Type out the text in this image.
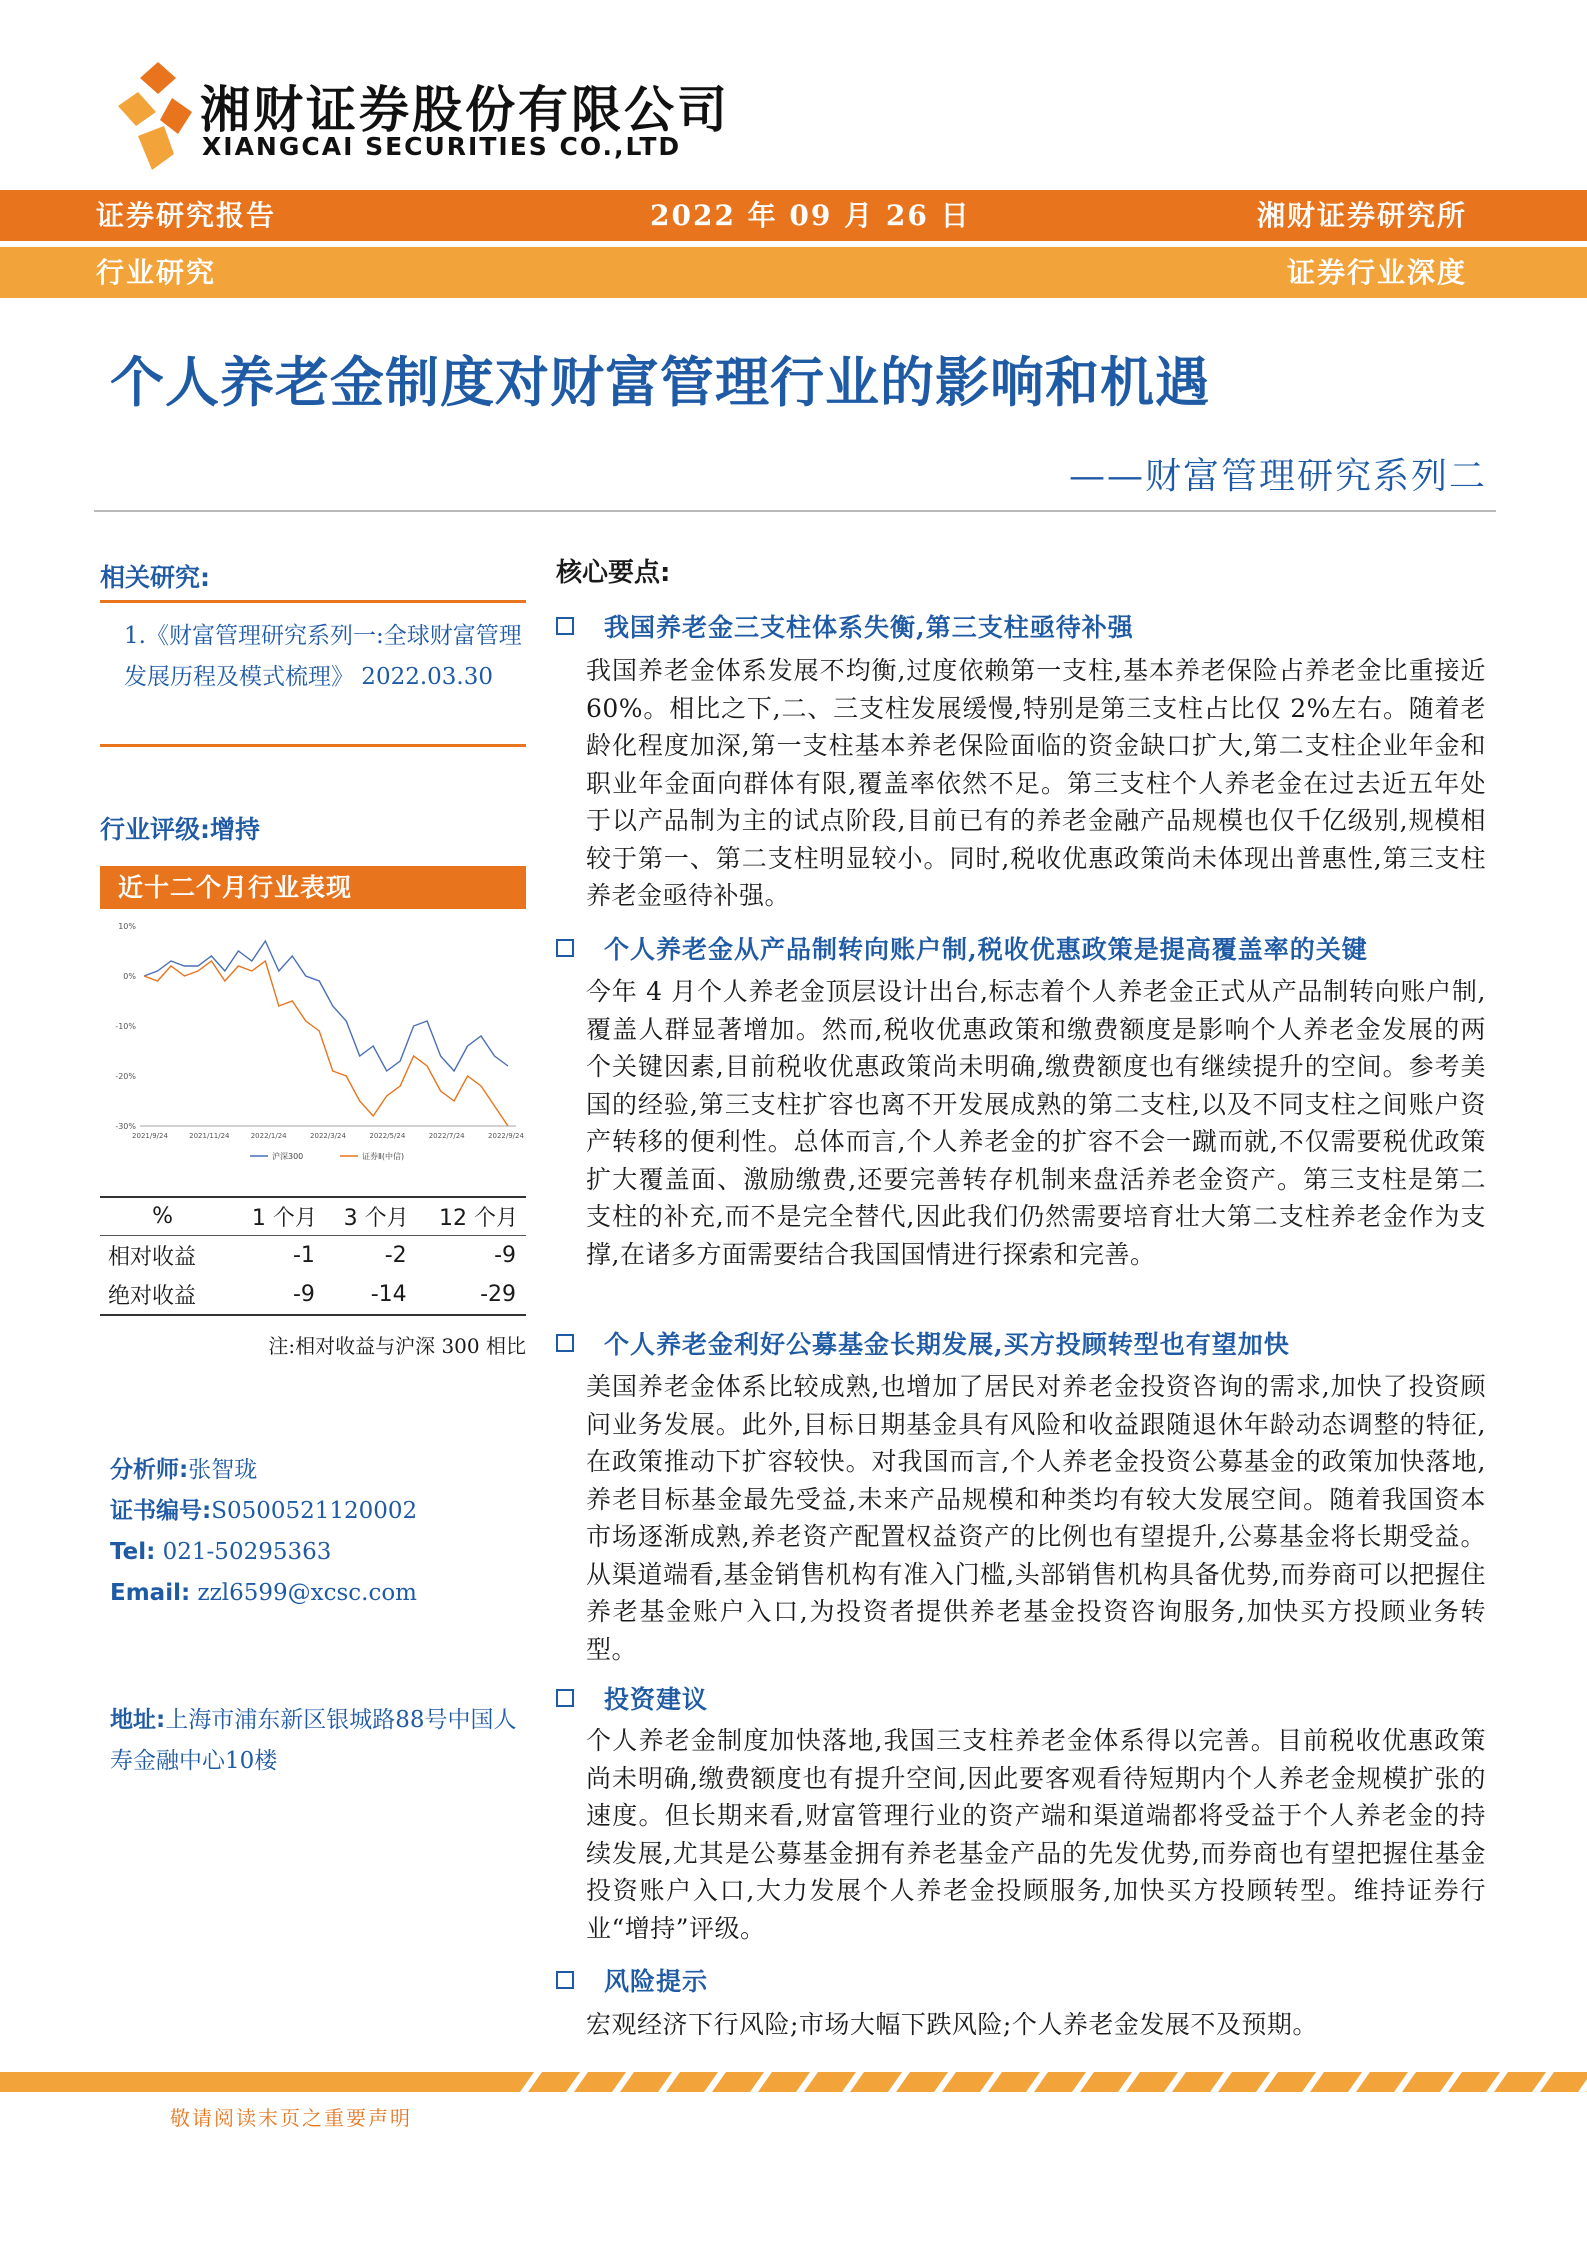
湘财证券股份有限公司
XIANGCAI SECURITIES CO.,LTD
证券研究报告	2022 年 09 月 26 日	湘财证券研究所
行业研究	证券行业深度
个人养老金制度对财富管理行业的影响和机遇
——财富管理研究系列二
相关研究:
1.《财富管理研究系列一:全球财富管理发展历程及模式梳理》 2022.03.30
行业评级:增持
近十二个月行业表现
10%
0%
-10%
-20%
-30%
2021/9/24	2021/11/24	2022/1/24	2022/3/24	2022/5/24	2022/7/24	2022/9/24
沪深300	证券Ⅱ(中信)
%	1 个月	3 个月	12 个月
相对收益	-1	-2	-9
绝对收益	-9	-14	-29
注:相对收益与沪深 300 相比
分析师:张智珑
证书编号:S0500521120002
Tel: 021-50295363
Email: zzl6599@xcsc.com
地址:上海市浦东新区银城路88号中国人寿金融中心10楼
核心要点:
我国养老金三支柱体系失衡,第三支柱亟待补强
我国养老金体系发展不均衡,过度依赖第一支柱,基本养老保险占养老金比重接近 60%。相比之下,二、三支柱发展缓慢,特别是第三支柱占比仅 2%左右。随着老龄化程度加深,第一支柱基本养老保险面临的资金缺口扩大,第二支柱企业年金和职业年金面向群体有限,覆盖率依然不足。第三支柱个人养老金在过去近五年处于以产品制为主的试点阶段,目前已有的养老金融产品规模也仅千亿级别,规模相较于第一、第二支柱明显较小。同时,税收优惠政策尚未体现出普惠性,第三支柱养老金亟待补强。
个人养老金从产品制转向账户制,税收优惠政策是提高覆盖率的关键
今年 4 月个人养老金顶层设计出台,标志着个人养老金正式从产品制转向账户制,覆盖人群显著增加。然而,税收优惠政策和缴费额度是影响个人养老金发展的两个关键因素,目前税收优惠政策尚未明确,缴费额度也有继续提升的空间。参考美国的经验,第三支柱扩容也离不开发展成熟的第二支柱,以及不同支柱之间账户资产转移的便利性。总体而言,个人养老金的扩容不会一蹴而就,不仅需要税优政策扩大覆盖面、激励缴费,还要完善转存机制来盘活养老金资产。第三支柱是第二支柱的补充,而不是完全替代,因此我们仍然需要培育壮大第二支柱养老金作为支撑,在诸多方面需要结合我国国情进行探索和完善。
个人养老金利好公募基金长期发展,买方投顾转型也有望加快
美国养老金体系比较成熟,也增加了居民对养老金投资咨询的需求,加快了投资顾问业务发展。此外,目标日期基金具有风险和收益跟随退休年龄动态调整的特征,在政策推动下扩容较快。对我国而言,个人养老金投资公募基金的政策加快落地,养老目标基金最先受益,未来产品规模和种类均有较大发展空间。随着我国资本市场逐渐成熟,养老资产配置权益资产的比例也有望提升,公募基金将长期受益。从渠道端看,基金销售机构有准入门槛,头部销售机构具备优势,而券商可以把握住养老基金账户入口,为投资者提供养老基金投资咨询服务,加快买方投顾业务转型。
投资建议
个人养老金制度加快落地,我国三支柱养老金体系得以完善。目前税收优惠政策尚未明确,缴费额度也有提升空间,因此要客观看待短期内个人养老金规模扩张的速度。但长期来看,财富管理行业的资产端和渠道端都将受益于个人养老金的持续发展,尤其是公募基金拥有养老基金产品的先发优势,而券商也有望把握住基金投资账户入口,大力发展个人养老金投顾服务,加快买方投顾转型。维持证券行业“增持”评级。
风险提示
宏观经济下行风险;市场大幅下跌风险;个人养老金发展不及预期。
敬请阅读末页之重要声明
